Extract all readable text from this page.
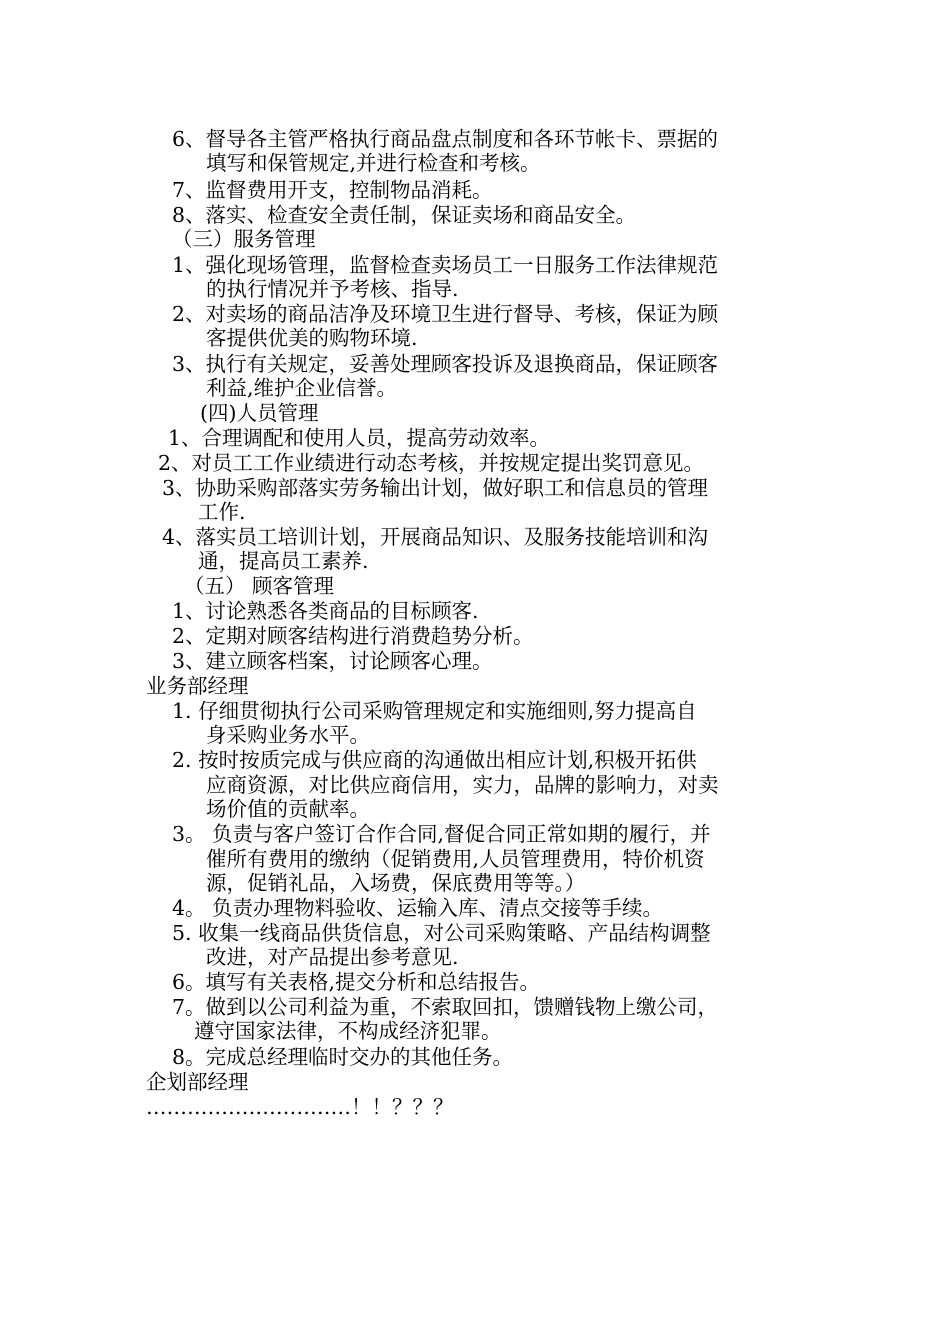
6、督导各主管严格执行商品盘点制度和各环节帐卡、票据的
填写和保管规定,并进行检查和考核。
7、监督费用开支，控制物品消耗。
8、落实、检查安全责任制，保证卖场和商品安全。
（三）服务管理
1、强化现场管理，监督检查卖场员工一日服务工作法律规范
的执行情况并予考核、指导.
2、对卖场的商品洁净及环境卫生进行督导、考核，保证为顾
客提供优美的购物环境.
3、执行有关规定，妥善处理顾客投诉及退换商品，保证顾客
利益,维护企业信誉。
(四)人员管理
1、合理调配和使用人员，提高劳动效率。
2、对员工工作业绩进行动态考核，并按规定提出奖罚意见。
3、协助采购部落实劳务输出计划，做好职工和信息员的管理
工作.
4、落实员工培训计划，开展商品知识、及服务技能培训和沟
通，提高员工素养.
（五） 顾客管理
1、讨论熟悉各类商品的目标顾客.
2、定期对顾客结构进行消费趋势分析。
3、建立顾客档案，讨论顾客心理。
业务部经理
1. 仔细贯彻执行公司采购管理规定和实施细则,努力提高自
身采购业务水平。
2. 按时按质完成与供应商的沟通做出相应计划,积极开拓供
应商资源，对比供应商信用，实力，品牌的影响力，对卖
场价值的贡献率。
3。 负责与客户签订合作合同,督促合同正常如期的履行，并
催所有费用的缴纳（促销费用,人员管理费用，特价机资
源，促销礼品，入场费，保底费用等等。）
4。 负责办理物料验收、运输入库、清点交接等手续。
5. 收集一线商品供货信息，对公司采购策略、产品结构调整
改进，对产品提出参考意见.
6。填写有关表格,提交分析和总结报告。
7。做到以公司利益为重，不索取回扣，馈赠钱物上缴公司，
遵守国家法律，不构成经济犯罪。
8。完成总经理临时交办的其他任务。
企划部经理
…………………………！！？？？
